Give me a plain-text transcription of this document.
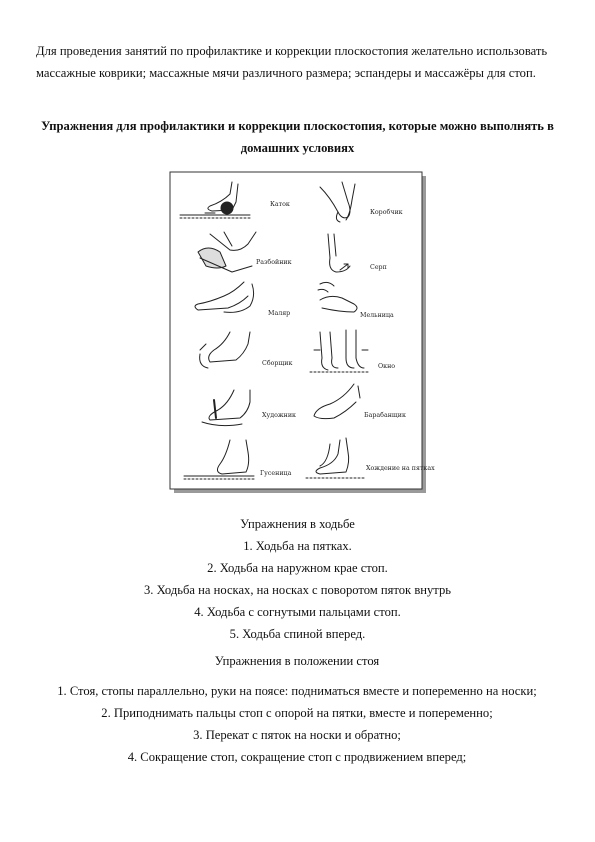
Для проведения занятий по профилактике и коррекции плоскостопия желательно использовать массажные коврики; массажные мячи различного размера; эспандеры и массажёры для стоп.

Упражнения для профилактики и коррекции плоскостопия, которые можно выполнять в домашних условиях

Каток
Коробчик
Разбойник
Серп
Маляр	Мельница
Сборщик	Окно
Художник	Барабанщик
Гусеница
Хождение на пятках
Упражнения в ходьбе
1. Ходьба на пятках.
2. Ходьба на наружном крае стоп.
3. Ходьба на носках, на носках с поворотом пяток внутрь
4. Ходьба с согнутыми пальцами стоп.
5. Ходьба спиной вперед.
Упражнения в положении стоя
1. Стоя, стопы параллельно, руки на поясе: подниматься вместе и попеременно на носки;
2. Приподнимать пальцы стоп с опорой на пятки, вместе и попеременно;
3. Перекат с пяток на носки и обратно;
4. Сокращение стоп, сокращение стоп с продвижением вперед;
